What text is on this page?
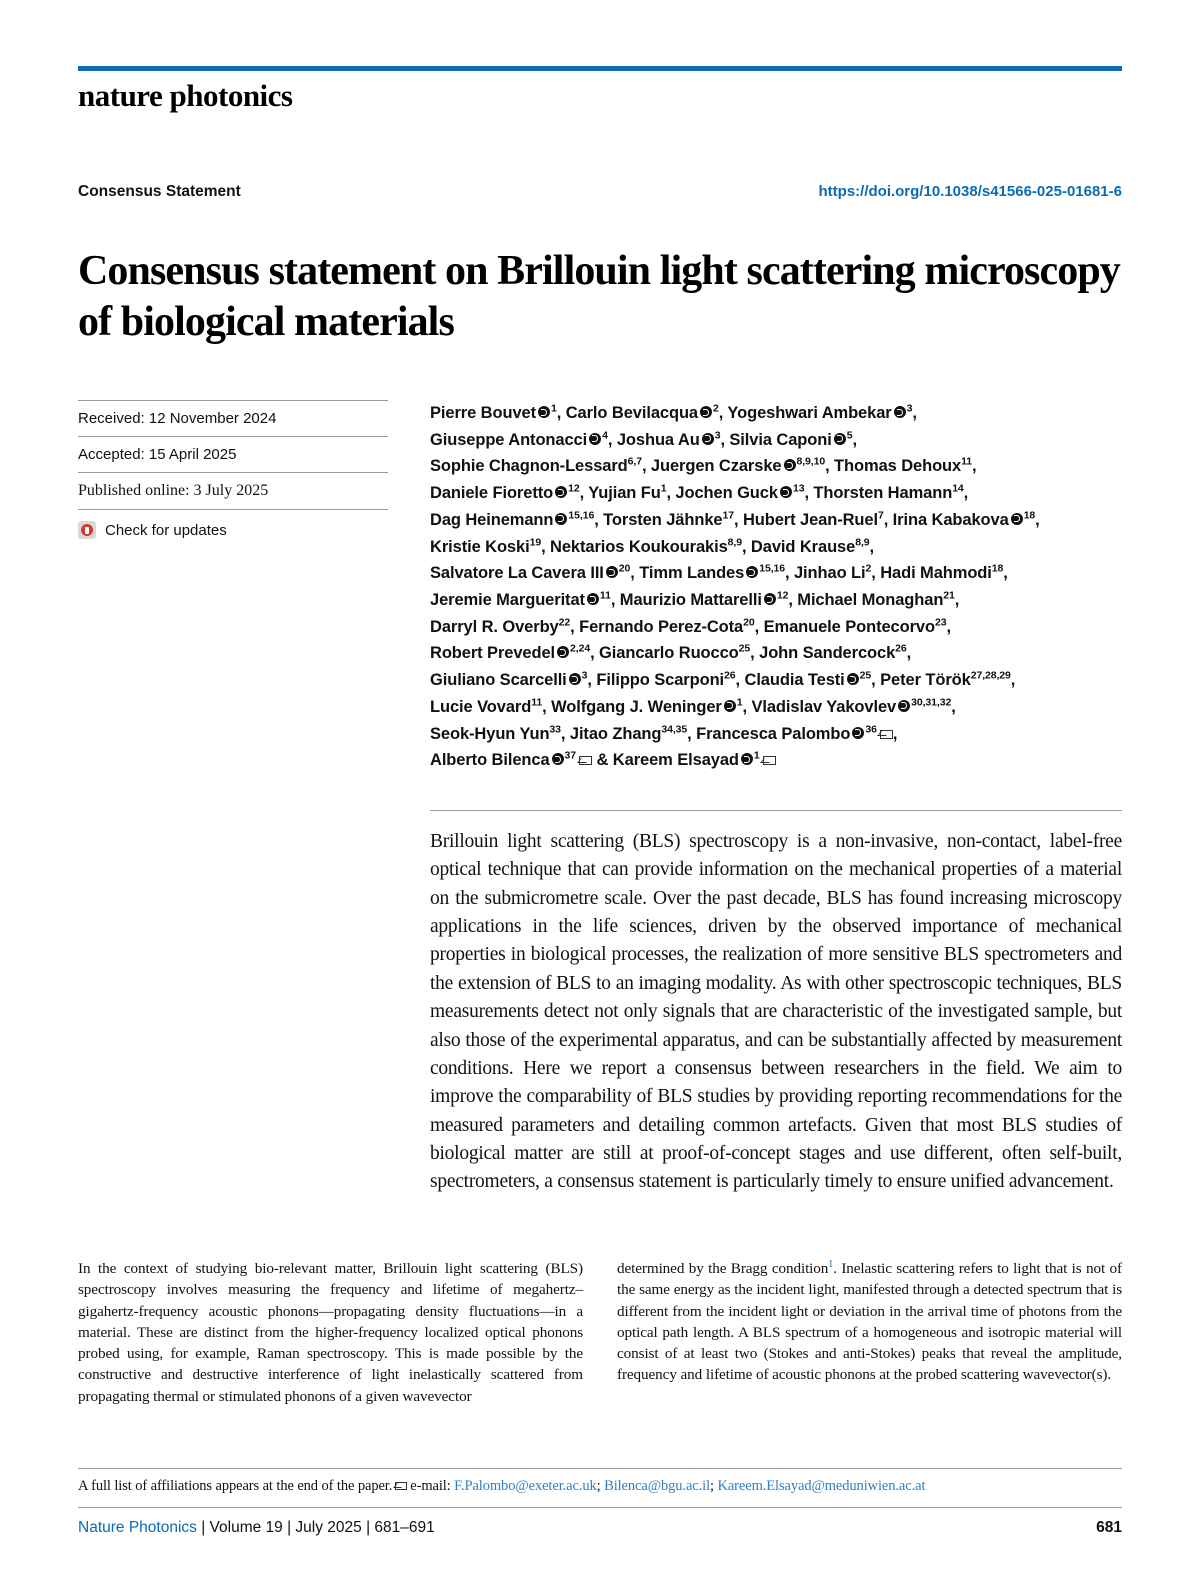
nature photonics
Consensus Statement	https://doi.org/10.1038/s41566-025-01681-6
Consensus statement on Brillouin light scattering microscopy of biological materials
Received: 12 November 2024
Accepted: 15 April 2025
Published online: 3 July 2025
Check for updates
Pierre Bouvet $^1$, Carlo Bevilacqua $^2$, Yogeshwari Ambekar $^3$,
Giuseppe Antonacci $^4$, Joshua Au $^3$, Silvia Caponi $^5$,
Sophie Chagnon-Lessard$^{6,7}$, Juergen Czarske $^{8,9,10}$, Thomas Dehoux$^{11}$,
Daniele Fioretto $^{12}$, Yujian Fu$^1$, Jochen Guck $^{13}$, Thorsten Hamann$^{14}$,
Dag Heinemann $^{15,16}$, Torsten Jähnke$^{17}$, Hubert Jean-Ruel$^7$, Irina Kabakova $^{18}$,
Kristie Koski$^{19}$, Nektarios Koukourakis$^{8,9}$, David Krause$^{8,9}$,
Salvatore La Cavera III $^{20}$, Timm Landes $^{15,16}$, Jinhao Li$^2$, Hadi Mahmodi$^{18}$,
Jeremie Margueritat $^{11}$, Maurizio Mattarelli $^{12}$, Michael Monaghan$^{21}$,
Darryl R. Overby$^{22}$, Fernando Perez-Cota$^{20}$, Emanuele Pontecorvo$^{23}$,
Robert Prevedel $^{2,24}$, Giancarlo Ruocco$^{25}$, John Sandercock$^{26}$,
Giuliano Scarcelli $^3$, Filippo Scarponi$^{26}$, Claudia Testi $^{25}$, Peter Török$^{27,28,29}$,
Lucie Vovard$^{11}$, Wolfgang J. Weninger $^1$, Vladislav Yakovlev $^{30,31,32}$,
Seok-Hyun Yun$^{33}$, Jitao Zhang$^{34,35}$, Francesca Palombo $^{36}$ ,
Alberto Bilenca $^{37}$ & Kareem Elsayad $^1$
Brillouin light scattering (BLS) spectroscopy is a non-invasive, non-contact, label-free optical technique that can provide information on the mechanical properties of a material on the submicrometre scale. Over the past decade, BLS has found increasing microscopy applications in the life sciences, driven by the observed importance of mechanical properties in biological processes, the realization of more sensitive BLS spectrometers and the extension of BLS to an imaging modality. As with other spectroscopic techniques, BLS measurements detect not only signals that are characteristic of the investigated sample, but also those of the experimental apparatus, and can be substantially affected by measurement conditions. Here we report a consensus between researchers in the field. We aim to improve the comparability of BLS studies by providing reporting recommendations for the measured parameters and detailing common artefacts. Given that most BLS studies of biological matter are still at proof-of-concept stages and use different, often self-built, spectrometers, a consensus statement is particularly timely to ensure unified advancement.
In the context of studying bio-relevant matter, Brillouin light scattering (BLS) spectroscopy involves measuring the frequency and lifetime of megahertz–gigahertz-frequency acoustic phonons—propagating density fluctuations—in a material. These are distinct from the higher-frequency localized optical phonons probed using, for example, Raman spectroscopy. This is made possible by the constructive and destructive interference of light inelastically scattered from propagating thermal or stimulated phonons of a given wavevector
determined by the Bragg condition$^1$. Inelastic scattering refers to light that is not of the same energy as the incident light, manifested through a detected spectrum that is different from the incident light or deviation in the arrival time of photons from the optical path length. A BLS spectrum of a homogeneous and isotropic material will consist of at least two (Stokes and anti-Stokes) peaks that reveal the amplitude, frequency and lifetime of acoustic phonons at the probed scattering wavevector(s).
A full list of affiliations appears at the end of the paper. e-mail: F.Palombo@exeter.ac.uk; Bilenca@bgu.ac.il; Kareem.Elsayad@meduniwien.ac.at
Nature Photonics | Volume 19 | July 2025 | 681–691	681
